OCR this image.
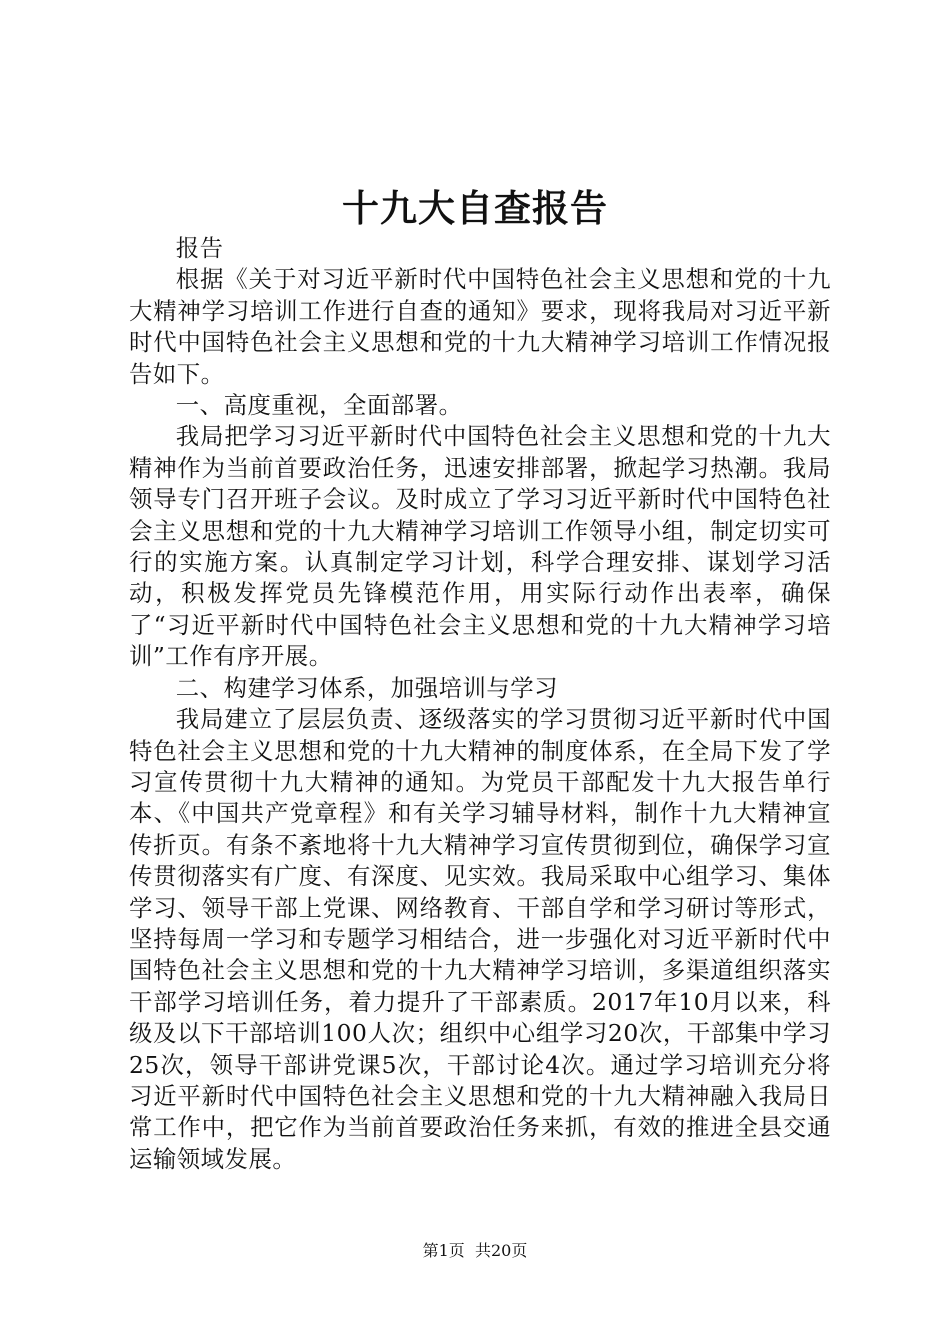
十九大自查报告

报告

根据《关于对习近平新时代中国特色社会主义思想和党的十九大精神学习培训工作进行自查的通知》要求，现将我局对习近平新时代中国特色社会主义思想和党的十九大精神学习培训工作情况报告如下。

一、高度重视，全面部署。

我局把学习习近平新时代中国特色社会主义思想和党的十九大精神作为当前首要政治任务，迅速安排部署，掀起学习热潮。我局领导专门召开班子会议。及时成立了学习习近平新时代中国特色社会主义思想和党的十九大精神学习培训工作领导小组，制定切实可行的实施方案。认真制定学习计划，科学合理安排、谋划学习活动，积极发挥党员先锋模范作用，用实际行动作出表率，确保了“习近平新时代中国特色社会主义思想和党的十九大精神学习培训”工作有序开展。

二、构建学习体系，加强培训与学习

我局建立了层层负责、逐级落实的学习贯彻习近平新时代中国特色社会主义思想和党的十九大精神的制度体系，在全局下发了学习宣传贯彻十九大精神的通知。为党员干部配发十九大报告单行本、《中国共产党章程》和有关学习辅导材料，制作十九大精神宣传折页。有条不紊地将十九大精神学习宣传贯彻到位，确保学习宣传贯彻落实有广度、有深度、见实效。我局采取中心组学习、集体学习、领导干部上党课、网络教育、干部自学和学习研讨等形式，坚持每周一学习和专题学习相结合，进一步强化对习近平新时代中国特色社会主义思想和党的十九大精神学习培训，多渠道组织落实干部学习培训任务，着力提升了干部素质。2017年10月以来，科级及以下干部培训100人次；组织中心组学习20次，干部集中学习25次，领导干部讲党课5次，干部讨论4次。通过学习培训充分将习近平新时代中国特色社会主义思想和党的十九大精神融入我局日常工作中，把它作为当前首要政治任务来抓，有效的推进全县交通运输领域发展。

第1页 共20页
